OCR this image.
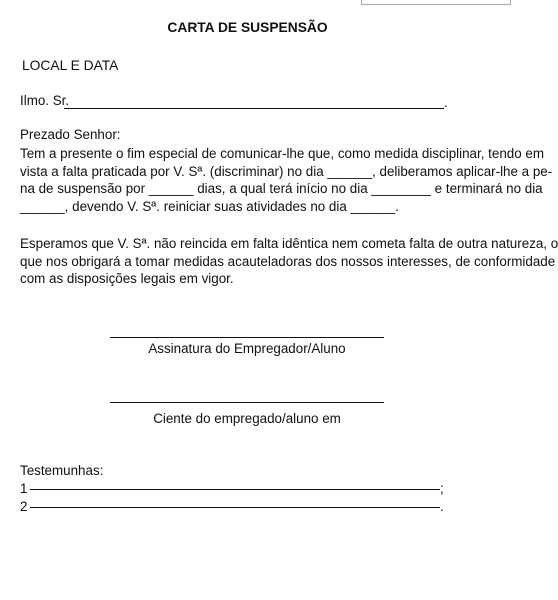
CARTA DE SUSPENSÃO
LOCAL E DATA
Ilmo. Sr.	.
Prezado Senhor:
Tem a presente o fim especial de comunicar-lhe que, como medida disciplinar, tendo em
vista a falta praticada por V. Sª. (discriminar) no dia ______, deliberamos aplicar-lhe a pe-
na de suspensão por ______ dias, a qual terá início no dia ________ e terminará no dia
______, devendo V. Sª. reiniciar suas atividades no dia ______.
Esperamos que V. Sª. não reincida em falta idêntica nem cometa falta de outra natureza, o
que nos obrigará a tomar medidas acauteladoras dos nossos interesses, de conformidade
com as disposições legais em vigor.
Assinatura do Empregador/Aluno
Ciente do empregado/aluno em
Testemunhas:
1	;
2	.
